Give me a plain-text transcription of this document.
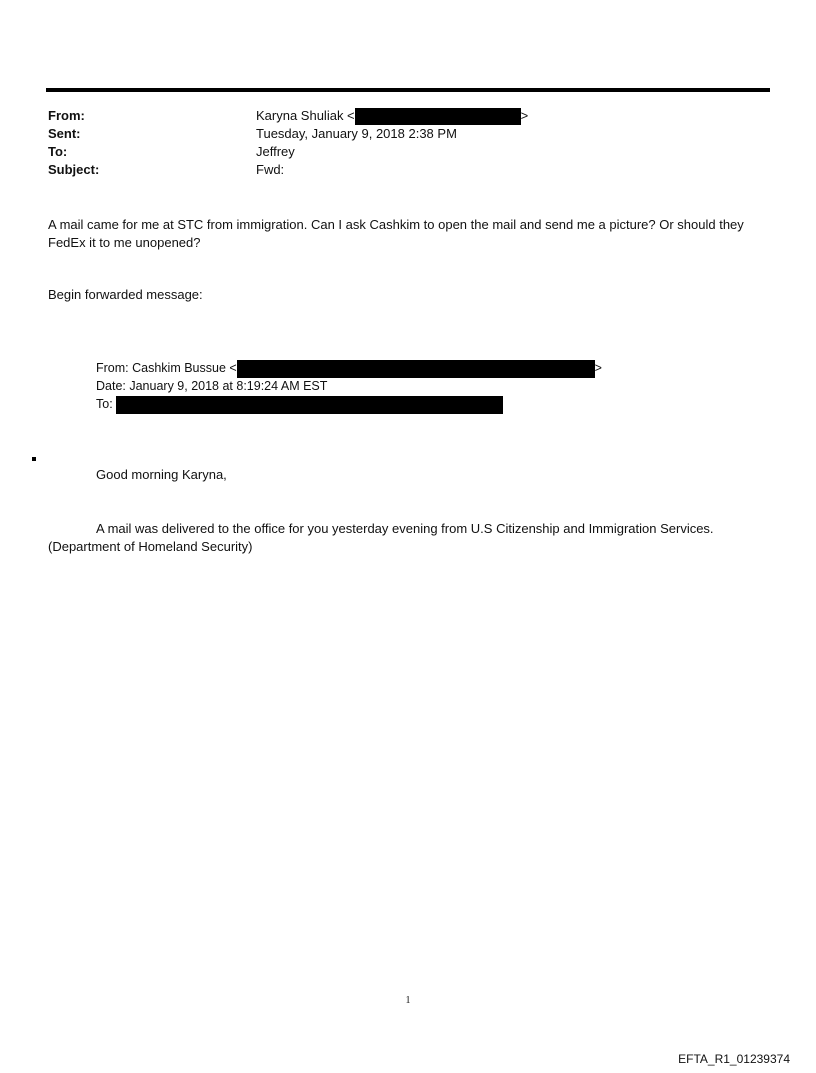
From:	Karyna Shuliak <	>
Sent:	Tuesday, January 9, 2018 2:38 PM
To:	Jeffrey
Subject:	Fwd:
A mail came for me at STC from immigration. Can I ask Cashkim to open the mail and send me a picture? Or should they FedEx it to me unopened?
Begin forwarded message:
From: Cashkim Bussue <	>
Date: January 9, 2018 at 8:19:24 AM EST
To:
Good morning Karyna,
A mail was delivered to the office for you yesterday evening from U.S Citizenship and Immigration Services. (Department of Homeland Security)
1
EFTA_R1_01239374
